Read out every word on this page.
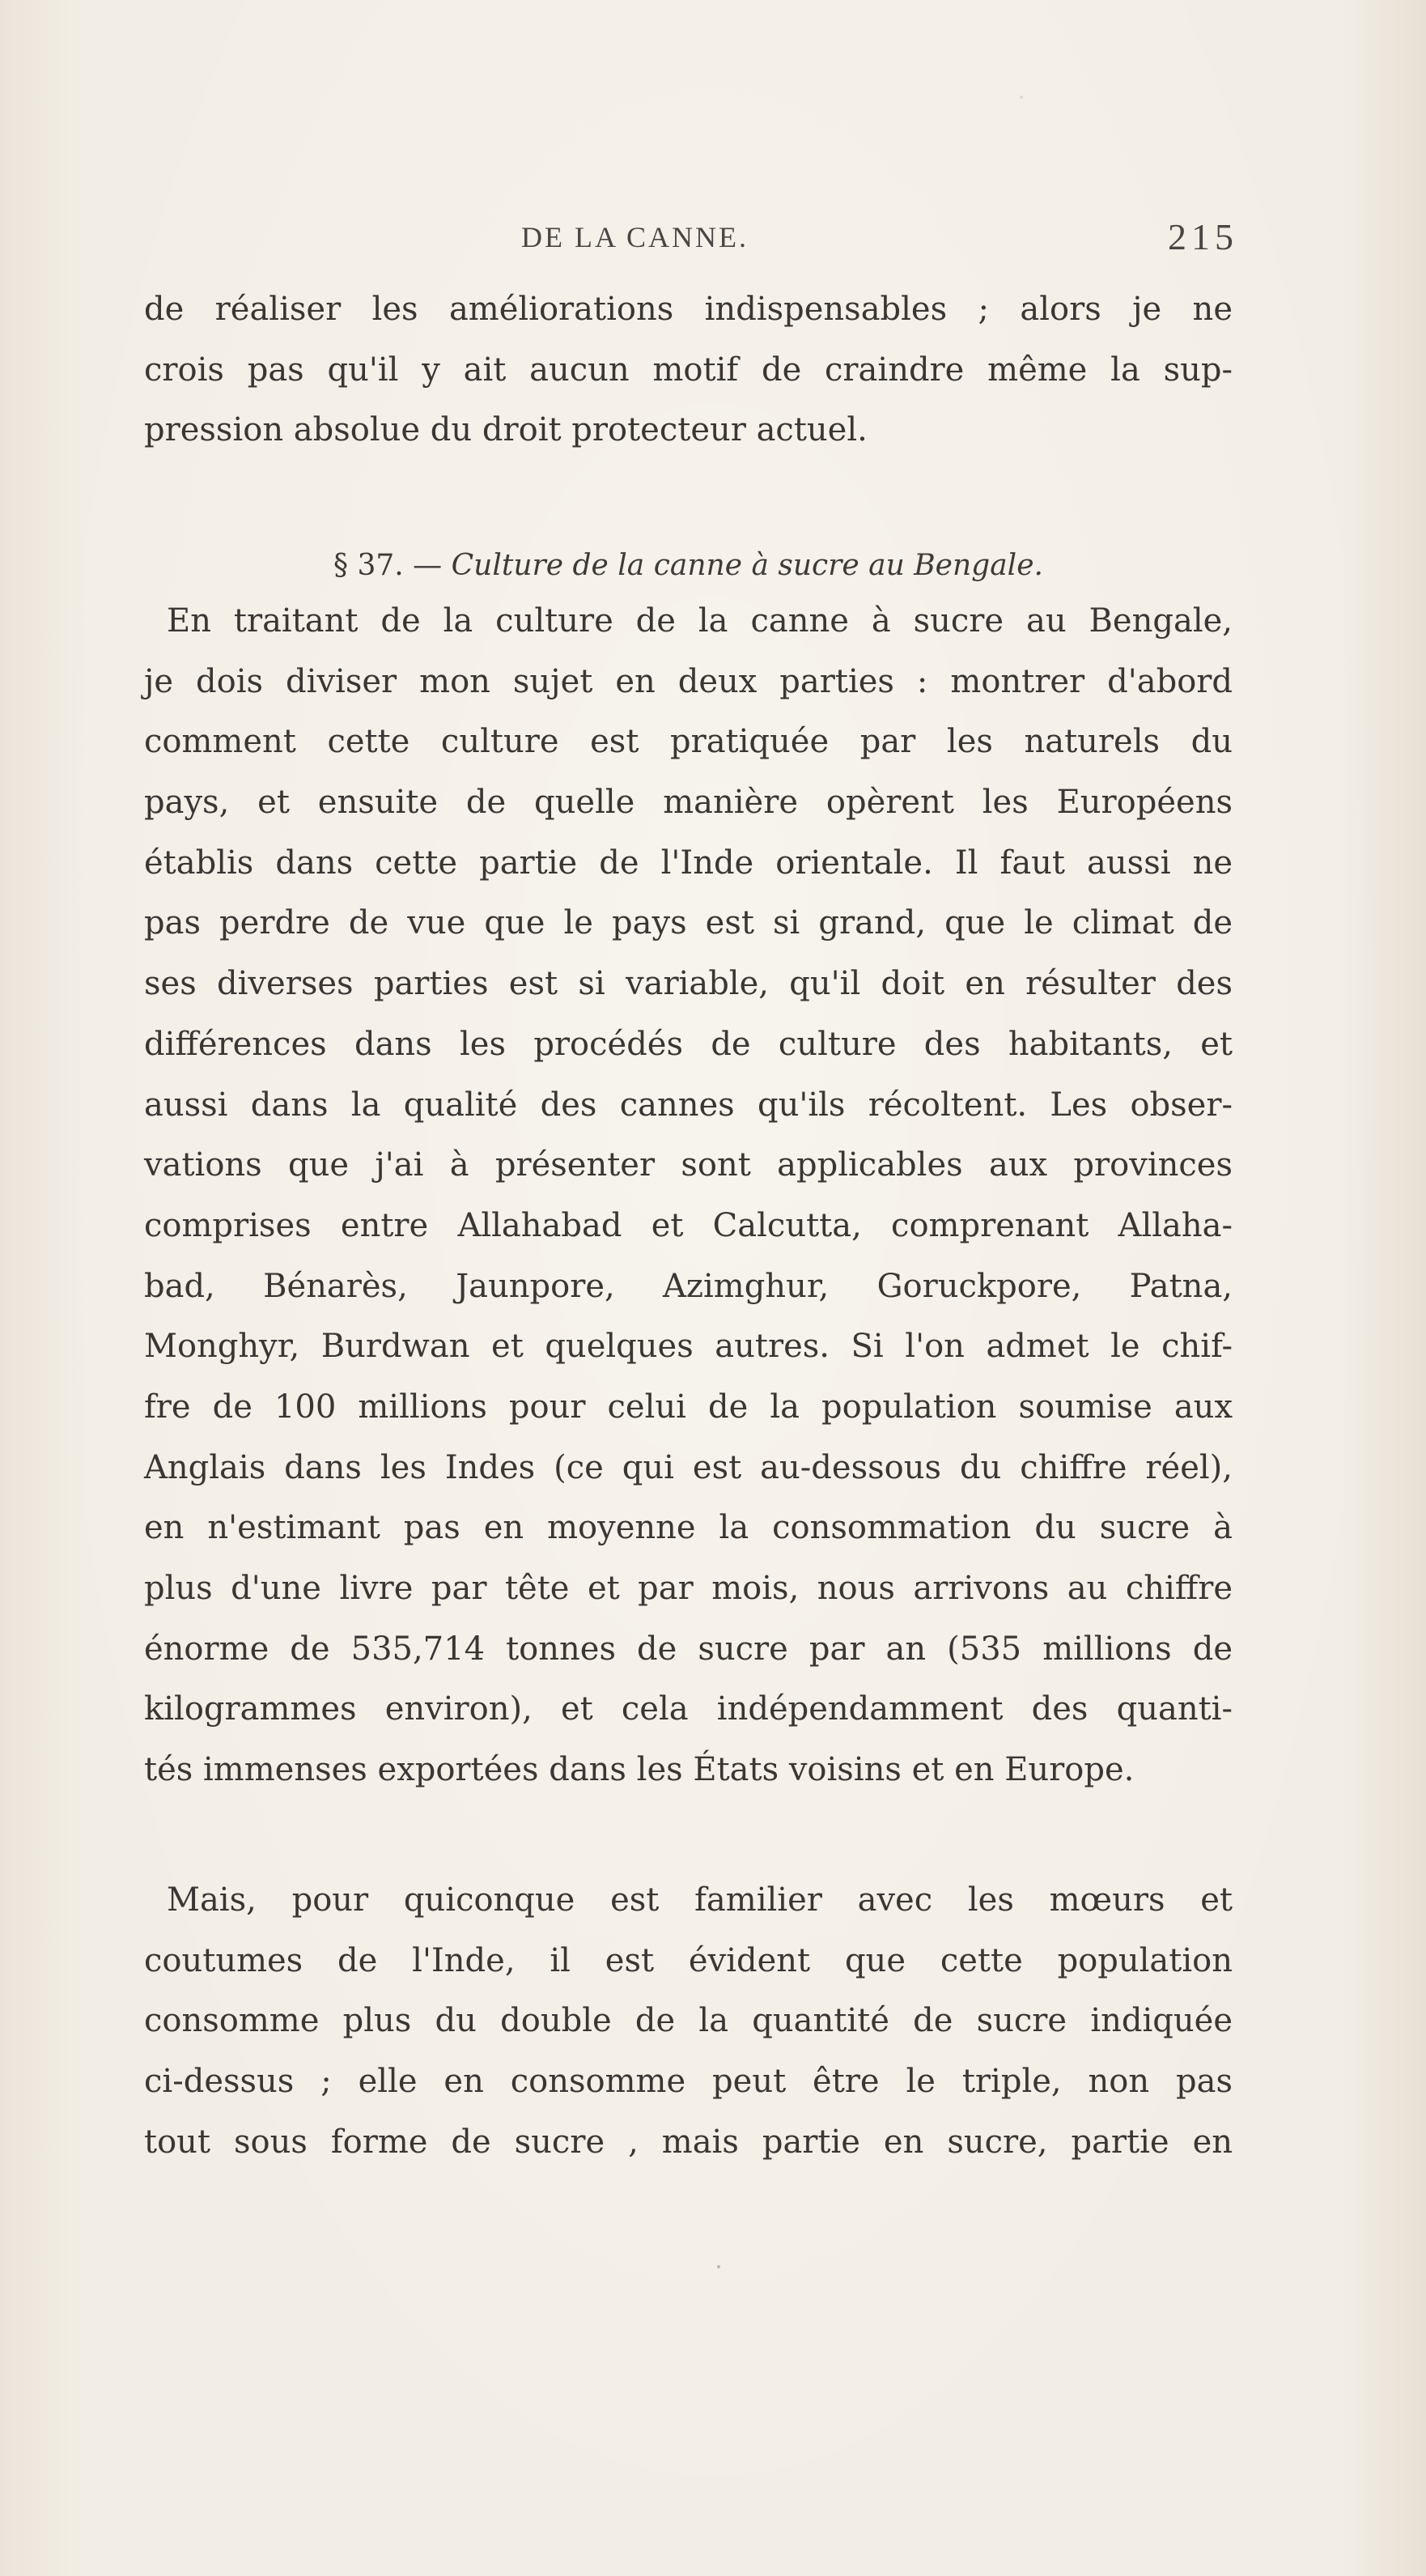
DE LA CANNE.	215
de réaliser les améliorations indispensables ; alors je ne
crois pas qu'il y ait aucun motif de craindre même la sup-
pression absolue du droit protecteur actuel.
§ 37. — Culture de la canne à sucre au Bengale.
En traitant de la culture de la canne à sucre au Bengale,
je dois diviser mon sujet en deux parties : montrer d'abord
comment cette culture est pratiquée par les naturels du
pays, et ensuite de quelle manière opèrent les Européens
établis dans cette partie de l'Inde orientale. Il faut aussi ne
pas perdre de vue que le pays est si grand, que le climat de
ses diverses parties est si variable, qu'il doit en résulter des
différences dans les procédés de culture des habitants, et
aussi dans la qualité des cannes qu'ils récoltent. Les obser-
vations que j'ai à présenter sont applicables aux provinces
comprises entre Allahabad et Calcutta, comprenant Allaha-
bad, Bénarès, Jaunpore, Azimghur, Goruckpore, Patna,
Monghyr, Burdwan et quelques autres. Si l'on admet le chif-
fre de 100 millions pour celui de la population soumise aux
Anglais dans les Indes (ce qui est au-dessous du chiffre réel),
en n'estimant pas en moyenne la consommation du sucre à
plus d'une livre par tête et par mois, nous arrivons au chiffre
énorme de 535,714 tonnes de sucre par an (535 millions de
kilogrammes environ), et cela indépendamment des quanti-
tés immenses exportées dans les États voisins et en Europe.
Mais, pour quiconque est familier avec les mœurs et
coutumes de l'Inde, il est évident que cette population
consomme plus du double de la quantité de sucre indiquée
ci-dessus ; elle en consomme peut être le triple, non pas
tout sous forme de sucre , mais partie en sucre, partie en
